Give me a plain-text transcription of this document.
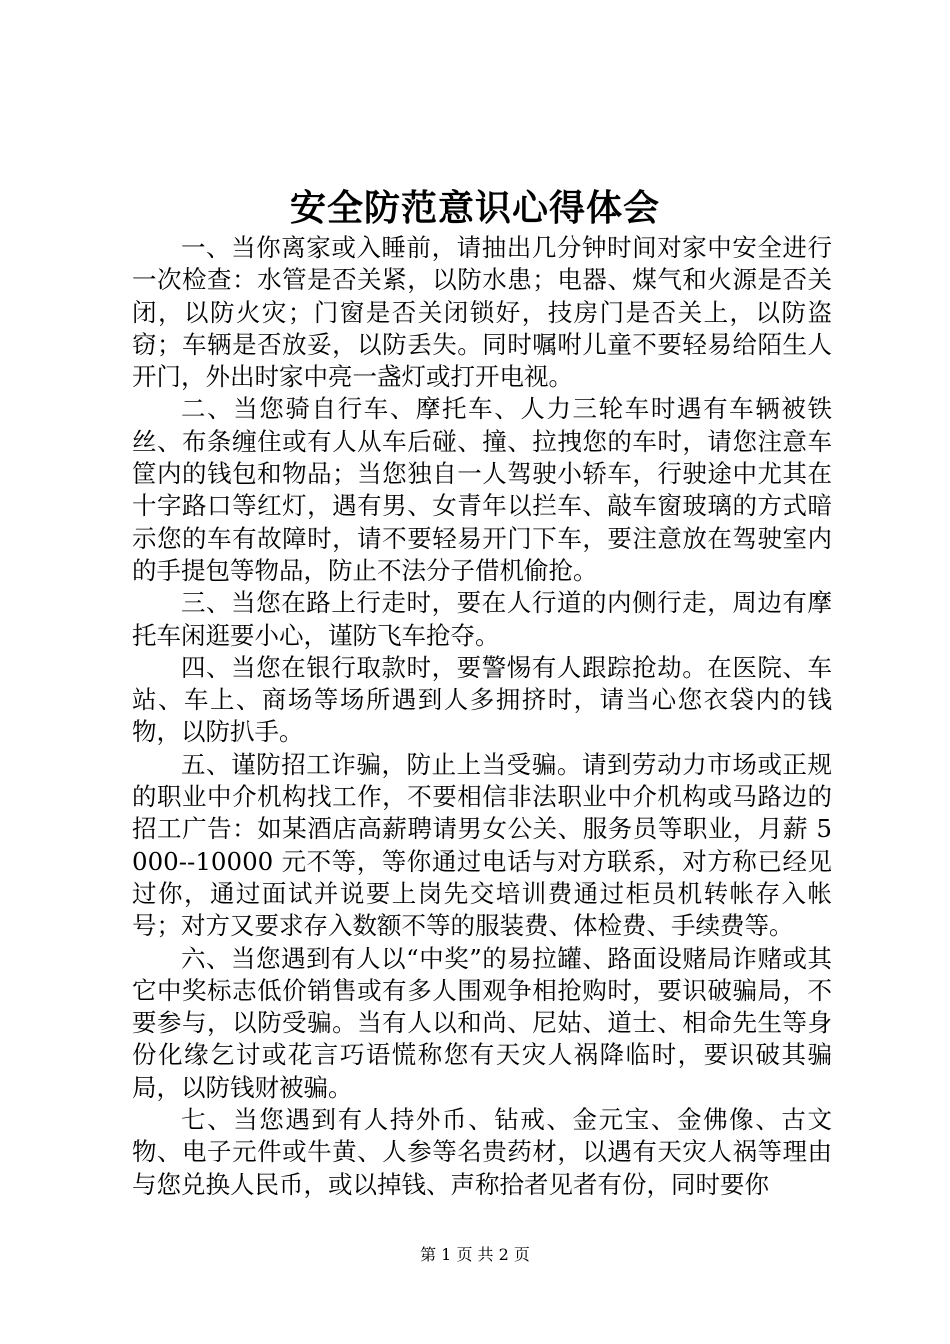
安全防范意识心得体会

一、当你离家或入睡前，请抽出几分钟时间对家中安全进行一次检查：水管是否关紧，以防水患；电器、煤气和火源是否关闭，以防火灾；门窗是否关闭锁好，技房门是否关上，以防盗窃；车辆是否放妥，以防丢失。同时嘱咐儿童不要轻易给陌生人开门，外出时家中亮一盏灯或打开电视。

二、当您骑自行车、摩托车、人力三轮车时遇有车辆被铁丝、布条缠住或有人从车后碰、撞、拉拽您的车时，请您注意车筐内的钱包和物品；当您独自一人驾驶小轿车，行驶途中尤其在十字路口等红灯，遇有男、女青年以拦车、敲车窗玻璃的方式暗示您的车有故障时，请不要轻易开门下车，要注意放在驾驶室内的手提包等物品，防止不法分子借机偷抢。

三、当您在路上行走时，要在人行道的内侧行走，周边有摩托车闲逛要小心，谨防飞车抢夺。

四、当您在银行取款时，要警惕有人跟踪抢劫。在医院、车站、车上、商场等场所遇到人多拥挤时，请当心您衣袋内的钱物，以防扒手。

五、谨防招工诈骗，防止上当受骗。请到劳动力市场或正规的职业中介机构找工作，不要相信非法职业中介机构或马路边的招工广告：如某酒店高薪聘请男女公关、服务员等职业，月薪 5000--10000 元不等，等你通过电话与对方联系，对方称已经见过你，通过面试并说要上岗先交培训费通过柜员机转帐存入帐号；对方又要求存入数额不等的服装费、体检费、手续费等。

六、当您遇到有人以“中奖”的易拉罐、路面设赌局诈赌或其它中奖标志低价销售或有多人围观争相抢购时，要识破骗局，不要参与，以防受骗。当有人以和尚、尼姑、道士、相命先生等身份化缘乞讨或花言巧语慌称您有天灾人祸降临时，要识破其骗局，以防钱财被骗。

七、当您遇到有人持外币、钻戒、金元宝、金佛像、古文物、电子元件或牛黄、人参等名贵药材，以遇有天灾人祸等理由与您兑换人民币，或以掉钱、声称拾者见者有份，同时要你

第 1 页 共 2 页
